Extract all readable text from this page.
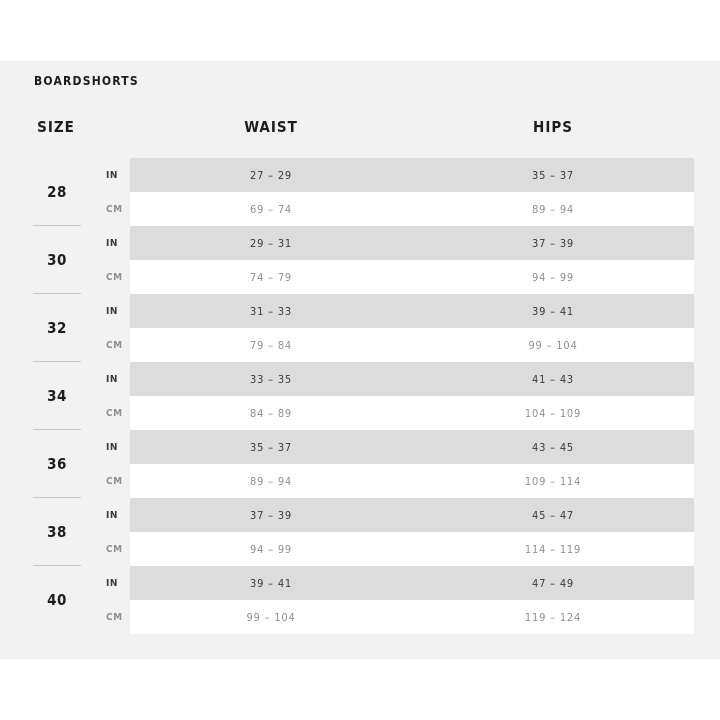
BOARDSHORTS
SIZE	WAIST	HIPS
28
IN	27 – 29	35 – 37
CM	69 – 74	89 – 94
30
IN	29 – 31	37 – 39
CM	74 – 79	94 – 99
32
IN	31 – 33	39 – 41
CM	79 – 84	99 – 104
34
IN	33 – 35	41 – 43
CM	84 – 89	104 – 109
36
IN	35 – 37	43 – 45
CM	89 – 94	109 – 114
38
IN	37 – 39	45 – 47
CM	94 – 99	114 – 119
40
IN	39 – 41	47 – 49
CM	99 – 104	119 – 124
